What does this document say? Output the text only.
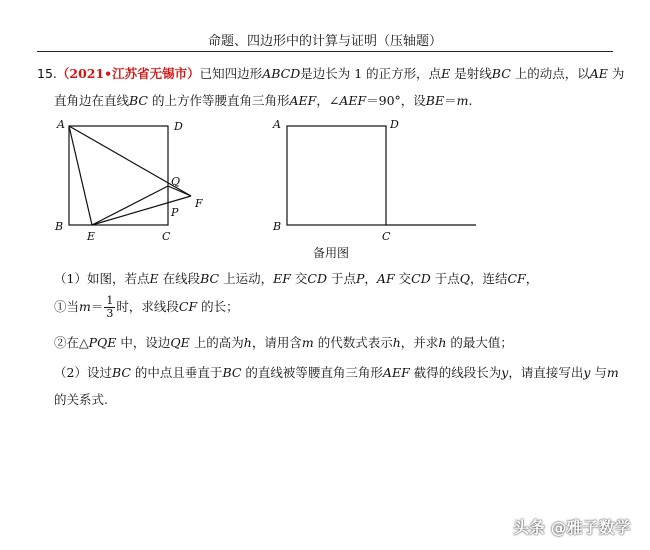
命题、四边形中的计算与证明（压轴题）
15.（2021•江苏省无锡市）已知四边形ABCD是边长为 1 的正方形，点E 是射线BC 上的动点，以AE 为
直角边在直线BC 的上方作等腰直角三角形AEF，∠AEF＝90°，设BE＝m.
A	D
Q
F
P
B
E	C
A	D
B
C
备用图
（1）如图，若点E 在线段BC 上运动，EF 交CD 于点P，AF 交CD 于点Q，连结CF，
①当$m= \frac{1}{3}$ 时，求线段CF 的长；
②在△PQE 中，设边QE 上的高为h，请用含m 的代数式表示h，并求h 的最大值；
（2）设过BC 的中点且垂直于BC 的直线被等腰直角三角形AEF 截得的线段长为y，请直接写出y 与m
的关系式.
头条 @雅子数学
